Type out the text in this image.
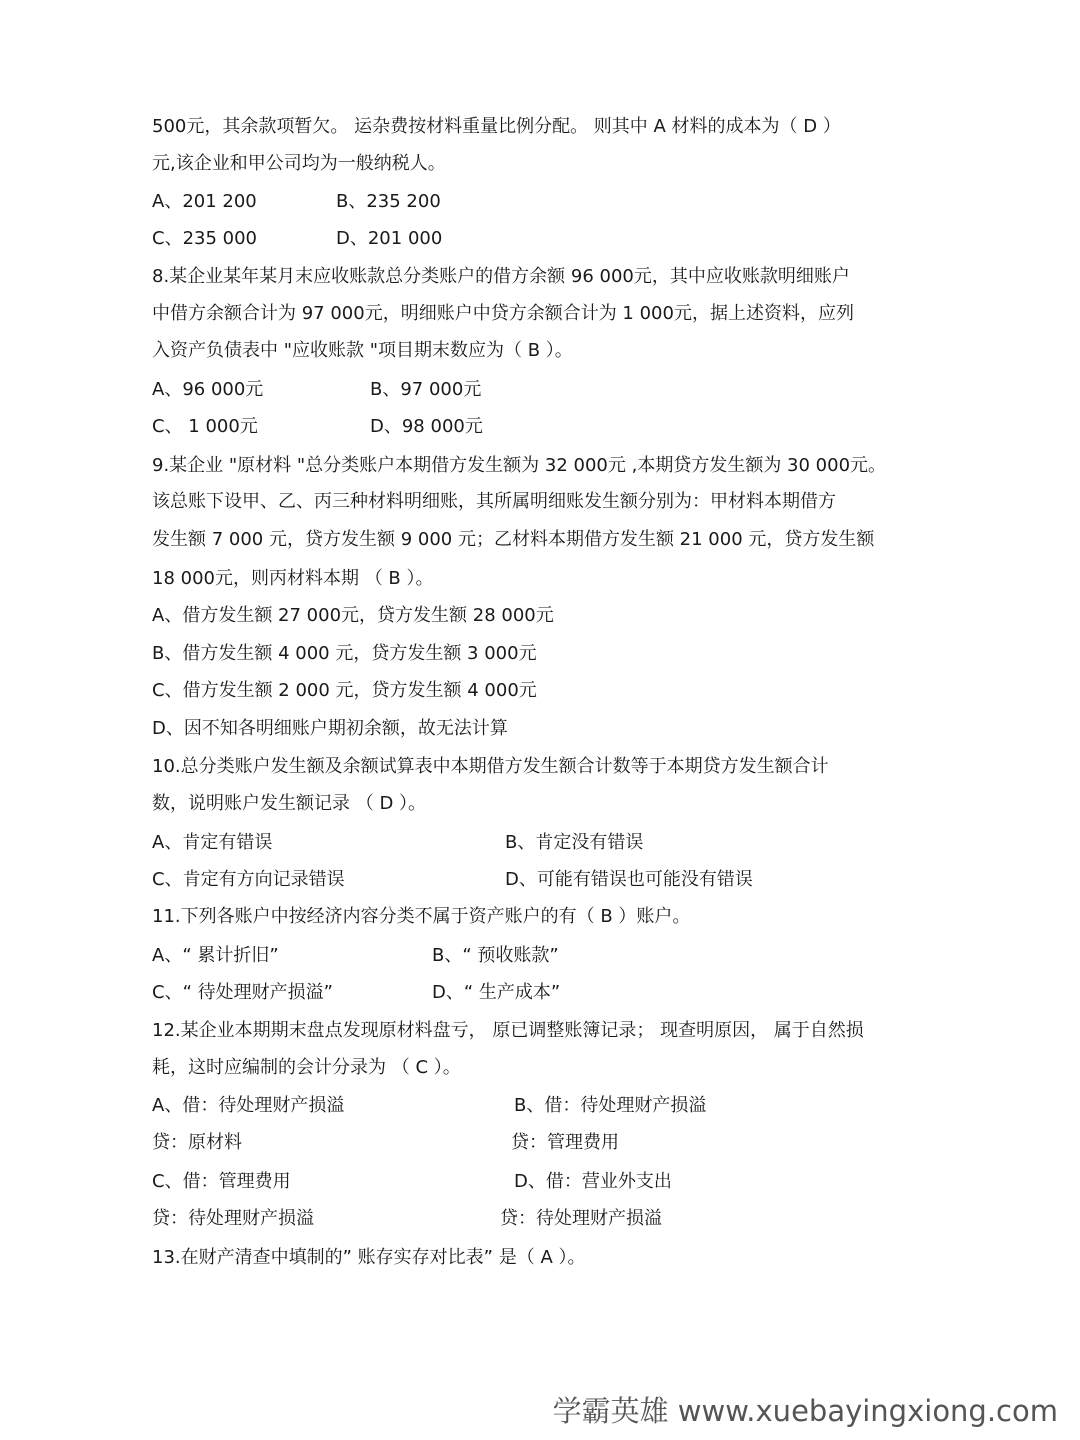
500元，其余款项暂欠。 运杂费按材料重量比例分配。 则其中 A 材料的成本为（ D ）
元,该企业和甲公司均为一般纳税人。
A、201 200	B、235 200
C、235 000	D、201 000
8.某企业某年某月末应收账款总分类账户的借方余额 96 000元，其中应收账款明细账户
中借方余额合计为 97 000元，明细账户中贷方余额合计为 1 000元，据上述资料，应列
入资产负债表中 "应收账款 "项目期末数应为（ B ）。
A、96 000元	B、97 000元
C、 1 000元	D、98 000元
9.某企业 "原材料 "总分类账户本期借方发生额为 32 000元 ,本期贷方发生额为 30 000元。
该总账下设甲、乙、丙三种材料明细账，其所属明细账发生额分别为：甲材料本期借方
发生额 7 000 元，贷方发生额 9 000 元；乙材料本期借方发生额 21 000 元，贷方发生额
18 000元，则丙材料本期 （ B ）。
A、借方发生额 27 000元，贷方发生额 28 000元
B、借方发生额 4 000 元，贷方发生额 3 000元
C、借方发生额 2 000 元，贷方发生额 4 000元
D、因不知各明细账户期初余额，故无法计算
10.总分类账户发生额及余额试算表中本期借方发生额合计数等于本期贷方发生额合计
数，说明账户发生额记录 （ D ）。
A、肯定有错误	B、肯定没有错误
C、肯定有方向记录错误	D、可能有错误也可能没有错误
11.下列各账户中按经济内容分类不属于资产账户的有（ B ）账户。
A、“ 累计折旧”	B、“ 预收账款”
C、“ 待处理财产损溢”	D、“ 生产成本”
12.某企业本期期末盘点发现原材料盘亏， 原已调整账簿记录； 现查明原因， 属于自然损
耗，这时应编制的会计分录为 （ C ）。
A、借：待处理财产损溢	B、借：待处理财产损溢
贷：原材料	贷：管理费用
C、借：管理费用	D、借：营业外支出
贷：待处理财产损溢	贷：待处理财产损溢
13.在财产清查中填制的” 账存实存对比表” 是（ A ）。
学霸英雄 www.xuebayingxiong.com
